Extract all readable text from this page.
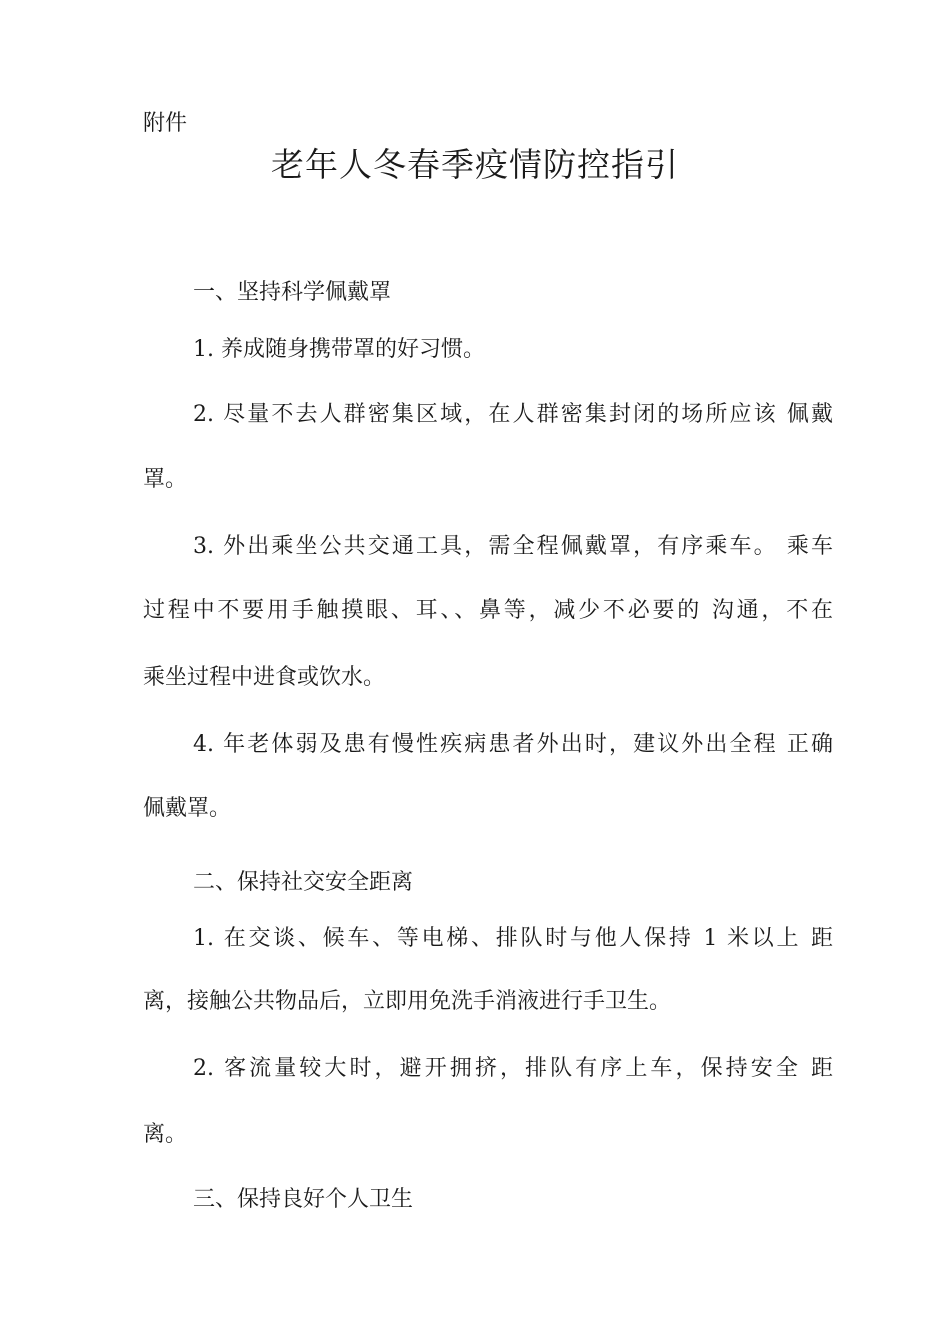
附件
老年人冬春季疫情防控指引
一、坚持科学佩戴罩
1. 养成随身携带罩的好习惯。
2. 尽量不去人群密集区域，在人群密集封闭的场所应该 佩戴
罩。
3. 外出乘坐公共交通工具，需全程佩戴罩，有序乘车。 乘车
过程中不要用手触摸眼、耳、、鼻等，减少不必要的 沟通，不在
乘坐过程中进食或饮水。
4. 年老体弱及患有慢性疾病患者外出时，建议外出全程 正确
佩戴罩。
二、保持社交安全距离
1. 在交谈、候车、等电梯、排队时与他人保持 1 米以上 距
离，接触公共物品后，立即用免洗手消液进行手卫生。
2. 客流量较大时，避开拥挤，排队有序上车，保持安全 距
离。
三、保持良好个人卫生
